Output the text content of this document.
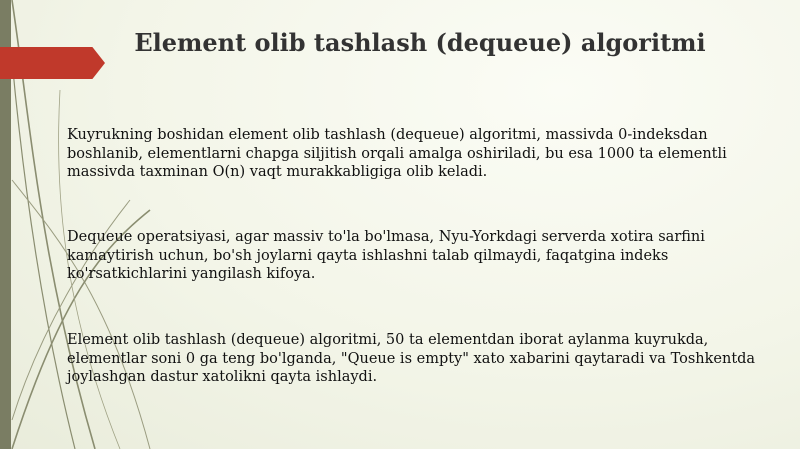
Element olib tashlash (dequeue) algoritmi

Kuyrukning boshidan element olib tashlash (dequeue) algoritmi, massivda 0-indeksdan boshlanib, elementlarni chapga siljitish orqali amalga oshiriladi, bu esa 1000 ta elementli massivda taxminan O(n) vaqt murakkabligiga olib keladi.

Dequeue operatsiyasi, agar massiv to'la bo'lmasa, Nyu-Yorkdagi serverda xotira sarfini kamaytirish uchun, bo'sh joylarni qayta ishlashni talab qilmaydi, faqatgina indeks ko'rsatkichlarini yangilash kifoya.

Element olib tashlash (dequeue) algoritmi, 50 ta elementdan iborat aylanma kuyrukda, elementlar soni 0 ga teng bo'lganda, "Queue is empty" xato xabarini qaytaradi va Toshkentda joylashgan dastur xatolikni qayta ishlaydi.
